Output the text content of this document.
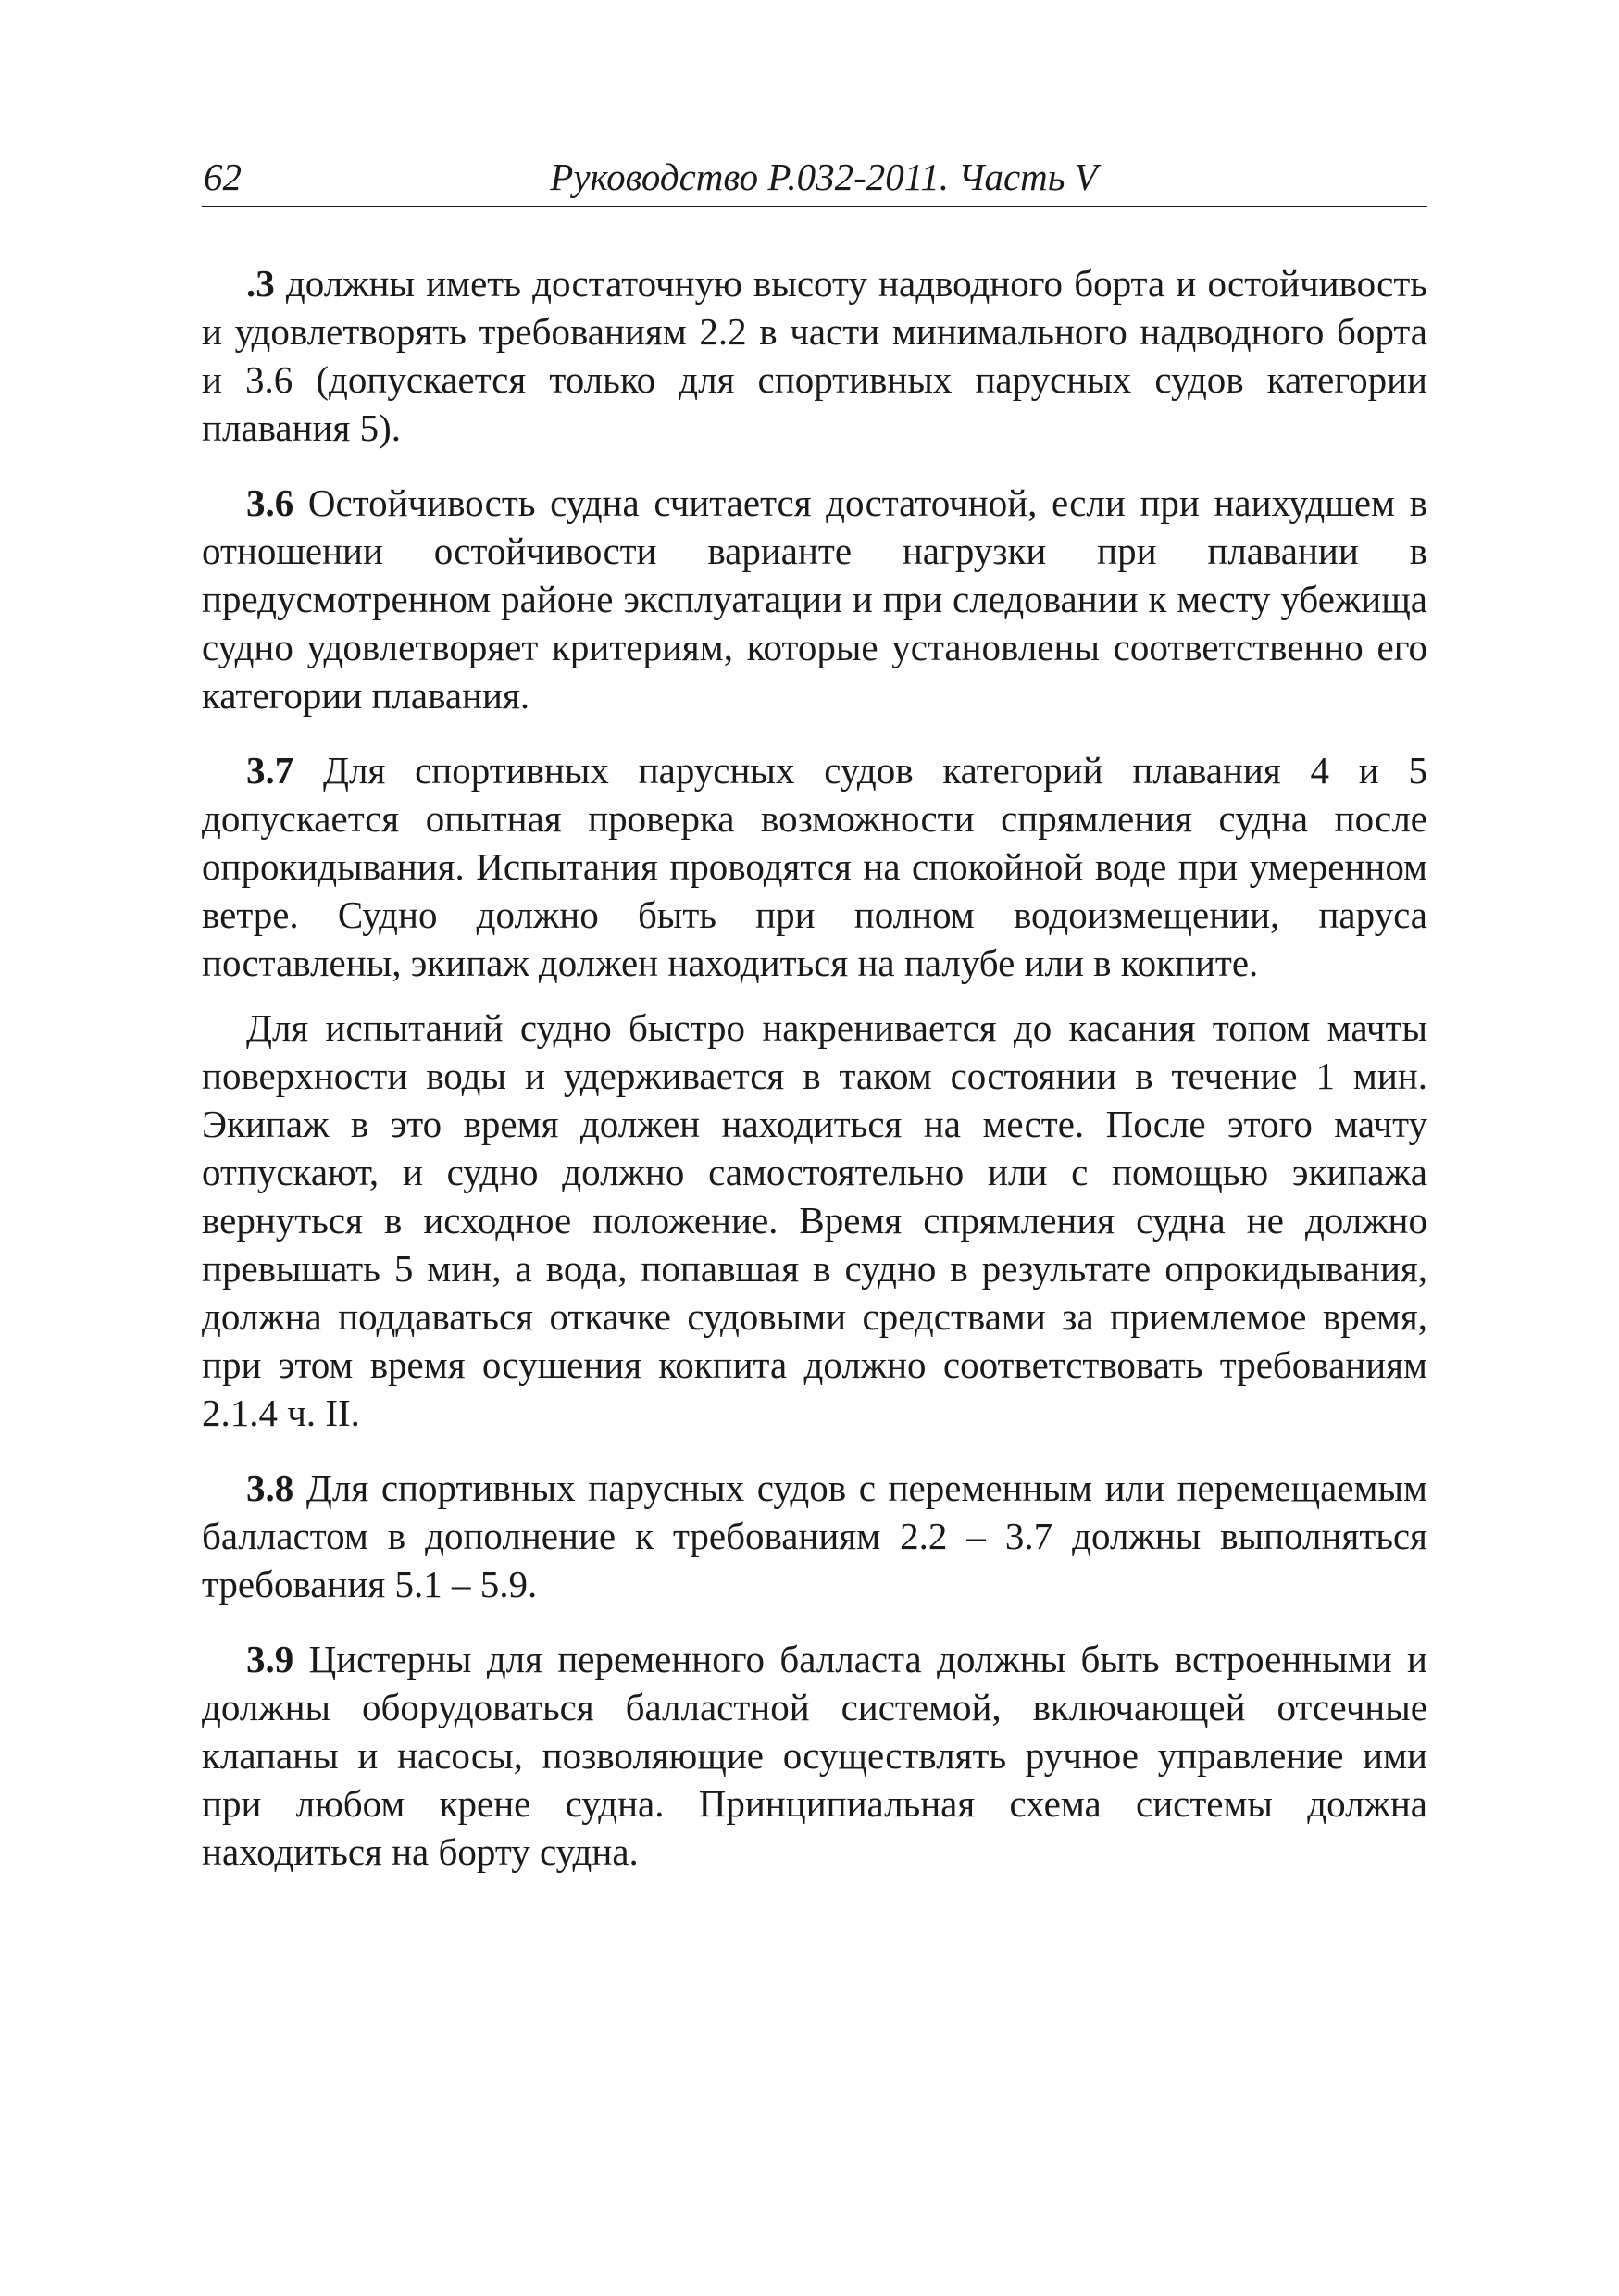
62	Руководство Р.032-2011. Часть V

.3 должны иметь достаточную высоту надводного борта и остойчивость и удовлетворять требованиям 2.2 в части минимального надводного борта и 3.6 (допускается только для спортивных парусных судов категории плавания 5).

3.6 Остойчивость судна считается достаточной, если при наихудшем в отношении остойчивости варианте нагрузки при плавании в предусмотренном районе эксплуатации и при следовании к месту убежища судно удовлетворяет критериям, которые установлены соответственно его категории плавания.

3.7 Для спортивных парусных судов категорий плавания 4 и 5 допускается опытная проверка возможности спрямления судна после опрокидывания. Испытания проводятся на спокойной воде при умеренном ветре. Судно должно быть при полном водоизмещении, паруса поставлены, экипаж должен находиться на палубе или в кокпите.

Для испытаний судно быстро накренивается до касания топом мачты поверхности воды и удерживается в таком состоянии в течение 1 мин. Экипаж в это время должен находиться на месте. После этого мачту отпускают, и судно должно самостоятельно или с помощью экипажа вернуться в исходное положение. Время спрямления судна не должно превышать 5 мин, а вода, попавшая в судно в результате опрокидывания, должна поддаваться откачке судовыми средствами за приемлемое время, при этом время осушения кокпита должно соответствовать требованиям 2.1.4 ч. II.

3.8 Для спортивных парусных судов с переменным или перемещаемым балластом в дополнение к требованиям 2.2 – 3.7 должны выполняться требования 5.1 – 5.9.

3.9 Цистерны для переменного балласта должны быть встроенными и должны оборудоваться балластной системой, включающей отсечные клапаны и насосы, позволяющие осуществлять ручное управление ими при любом крене судна. Принципиальная схема системы должна находиться на борту судна.
